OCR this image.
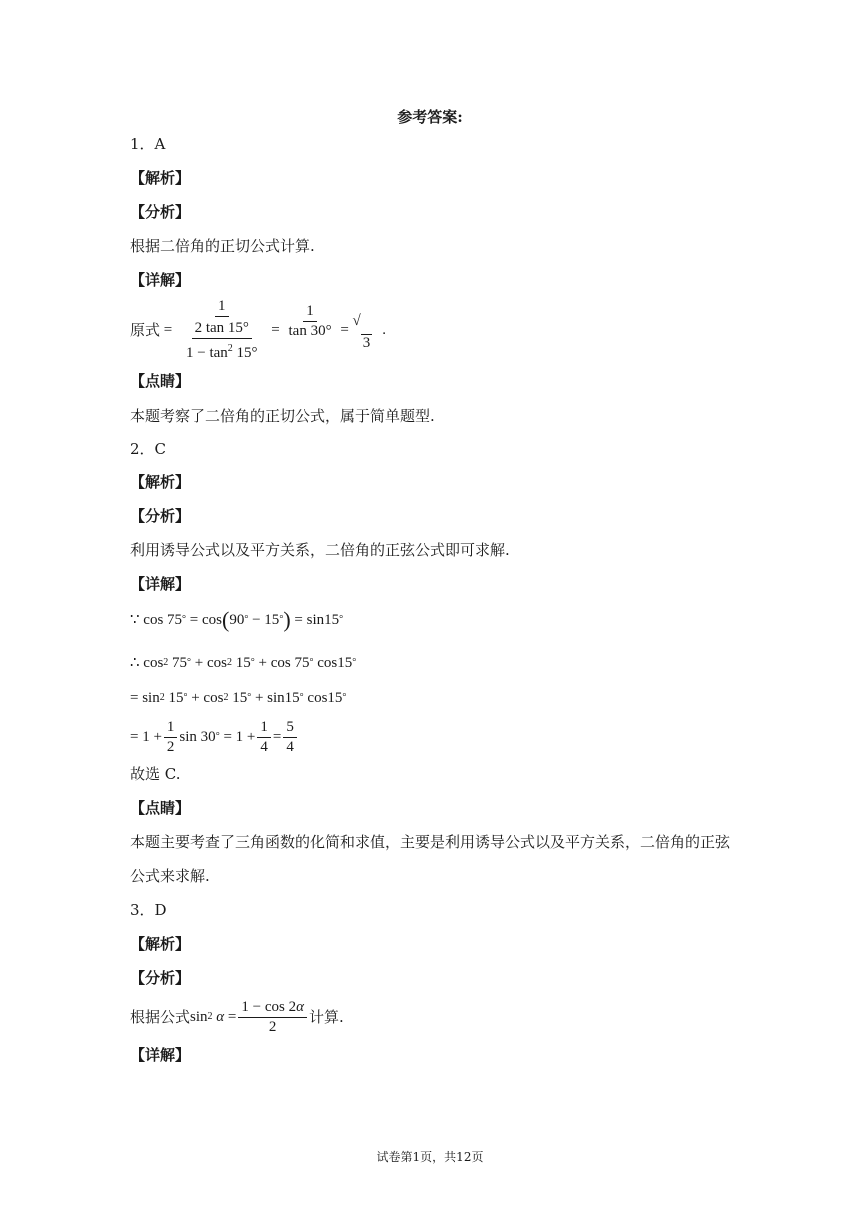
参考答案:
1．A
【解析】
【分析】
根据二倍角的正切公式计算.
【详解】
原式 = $\frac{1}{\frac{2 \tan 15^\circ}{1 - \tan^2 15^\circ}} = \frac{1}{\tan 30^\circ}$ =
√
3
.
【点睛】
本题考察了二倍角的正切公式，属于简单题型.
2．C
【解析】
【分析】
利用诱导公式以及平方关系，二倍角的正弦公式即可求解.
【详解】
∵ cos 75 ° = cos ( 90 ° − 15 ° ) = sin15 °
∴ cos 2 75 ° + cos 2 15 ° + cos 75 ° cos15 °
= sin 2 15 ° + cos 2 15 ° + sin15 ° cos15 °
= $1 + \frac{1}{2}$ sin 30 ° = $1 + \frac{1}{4} = \frac{5}{4}$
故选 C.
【点睛】
本题主要考查了三角函数的化简和求值，主要是利用诱导公式以及平方关系，二倍角的正弦
公式来求解.
3．D
【解析】
【分析】
根据公式 sin 2
$\alpha = \frac{1 - \cos 2\alpha}{2}$ 计算.
【详解】
试卷第1页，共12页
